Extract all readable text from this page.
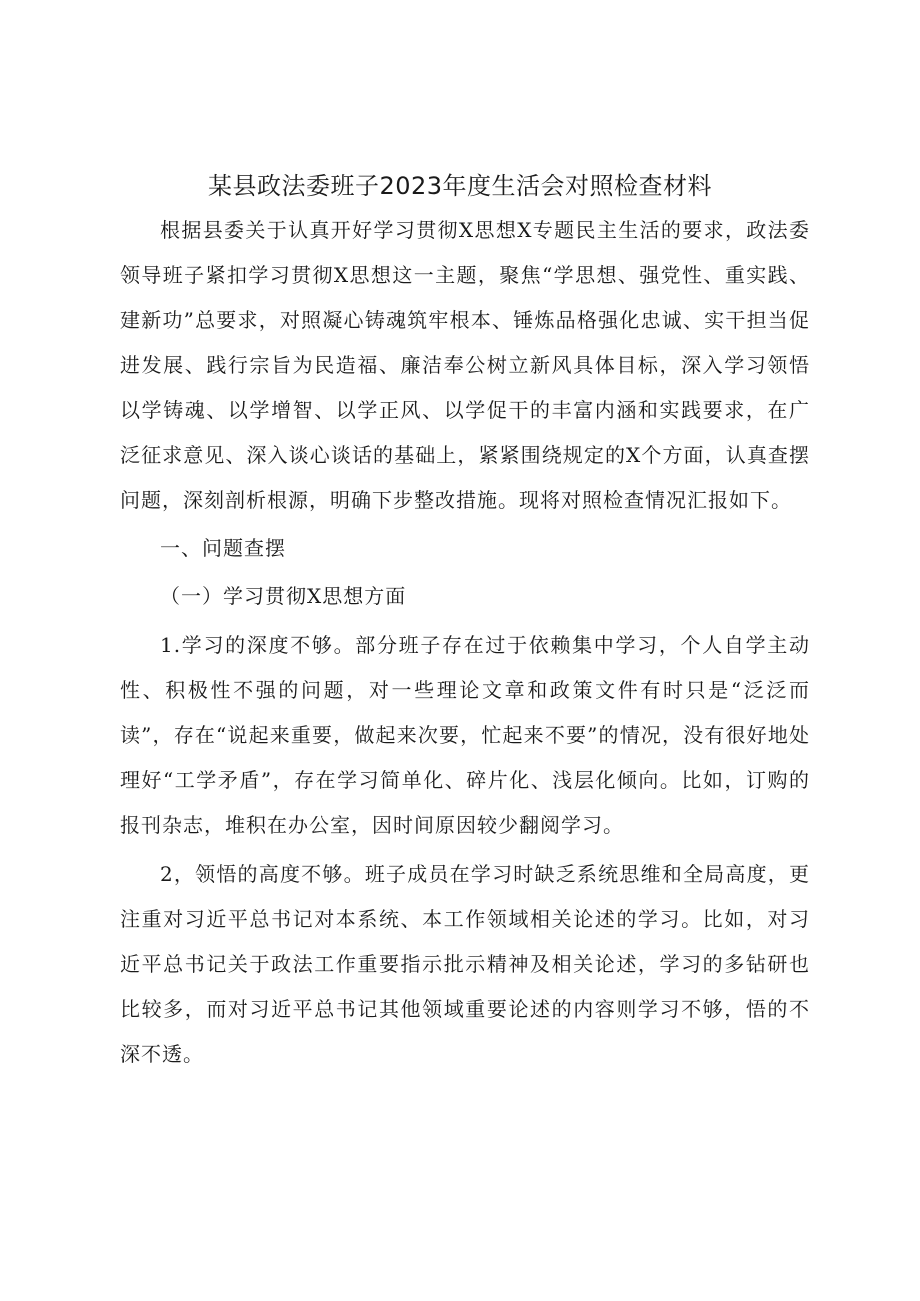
某县政法委班子2023年度生活会对照检查材料

根据县委关于认真开好学习贯彻X思想X专题民主生活的要求，政法委领导班子紧扣学习贯彻X思想这一主题，聚焦“学思想、强党性、重实践、建新功”总要求，对照凝心铸魂筑牢根本、锤炼品格强化忠诚、实干担当促进发展、践行宗旨为民造福、廉洁奉公树立新风具体目标，深入学习领悟以学铸魂、以学增智、以学正风、以学促干的丰富内涵和实践要求，在广泛征求意见、深入谈心谈话的基础上，紧紧围绕规定的X个方面，认真查摆问题，深刻剖析根源，明确下步整改措施。现将对照检查情况汇报如下。

一、问题查摆

（一）学习贯彻X思想方面

1.学习的深度不够。部分班子存在过于依赖集中学习，个人自学主动性、积极性不强的问题，对一些理论文章和政策文件有时只是“泛泛而读”，存在“说起来重要，做起来次要，忙起来不要”的情况，没有很好地处理好“工学矛盾”，存在学习简单化、碎片化、浅层化倾向。比如，订购的报刊杂志，堆积在办公室，因时间原因较少翻阅学习。

2，领悟的高度不够。班子成员在学习时缺乏系统思维和全局高度，更注重对习近平总书记对本系统、本工作领域相关论述的学习。比如，对习近平总书记关于政法工作重要指示批示精神及相关论述，学习的多钻研也比较多，而对习近平总书记其他领域重要论述的内容则学习不够，悟的不深不透。
